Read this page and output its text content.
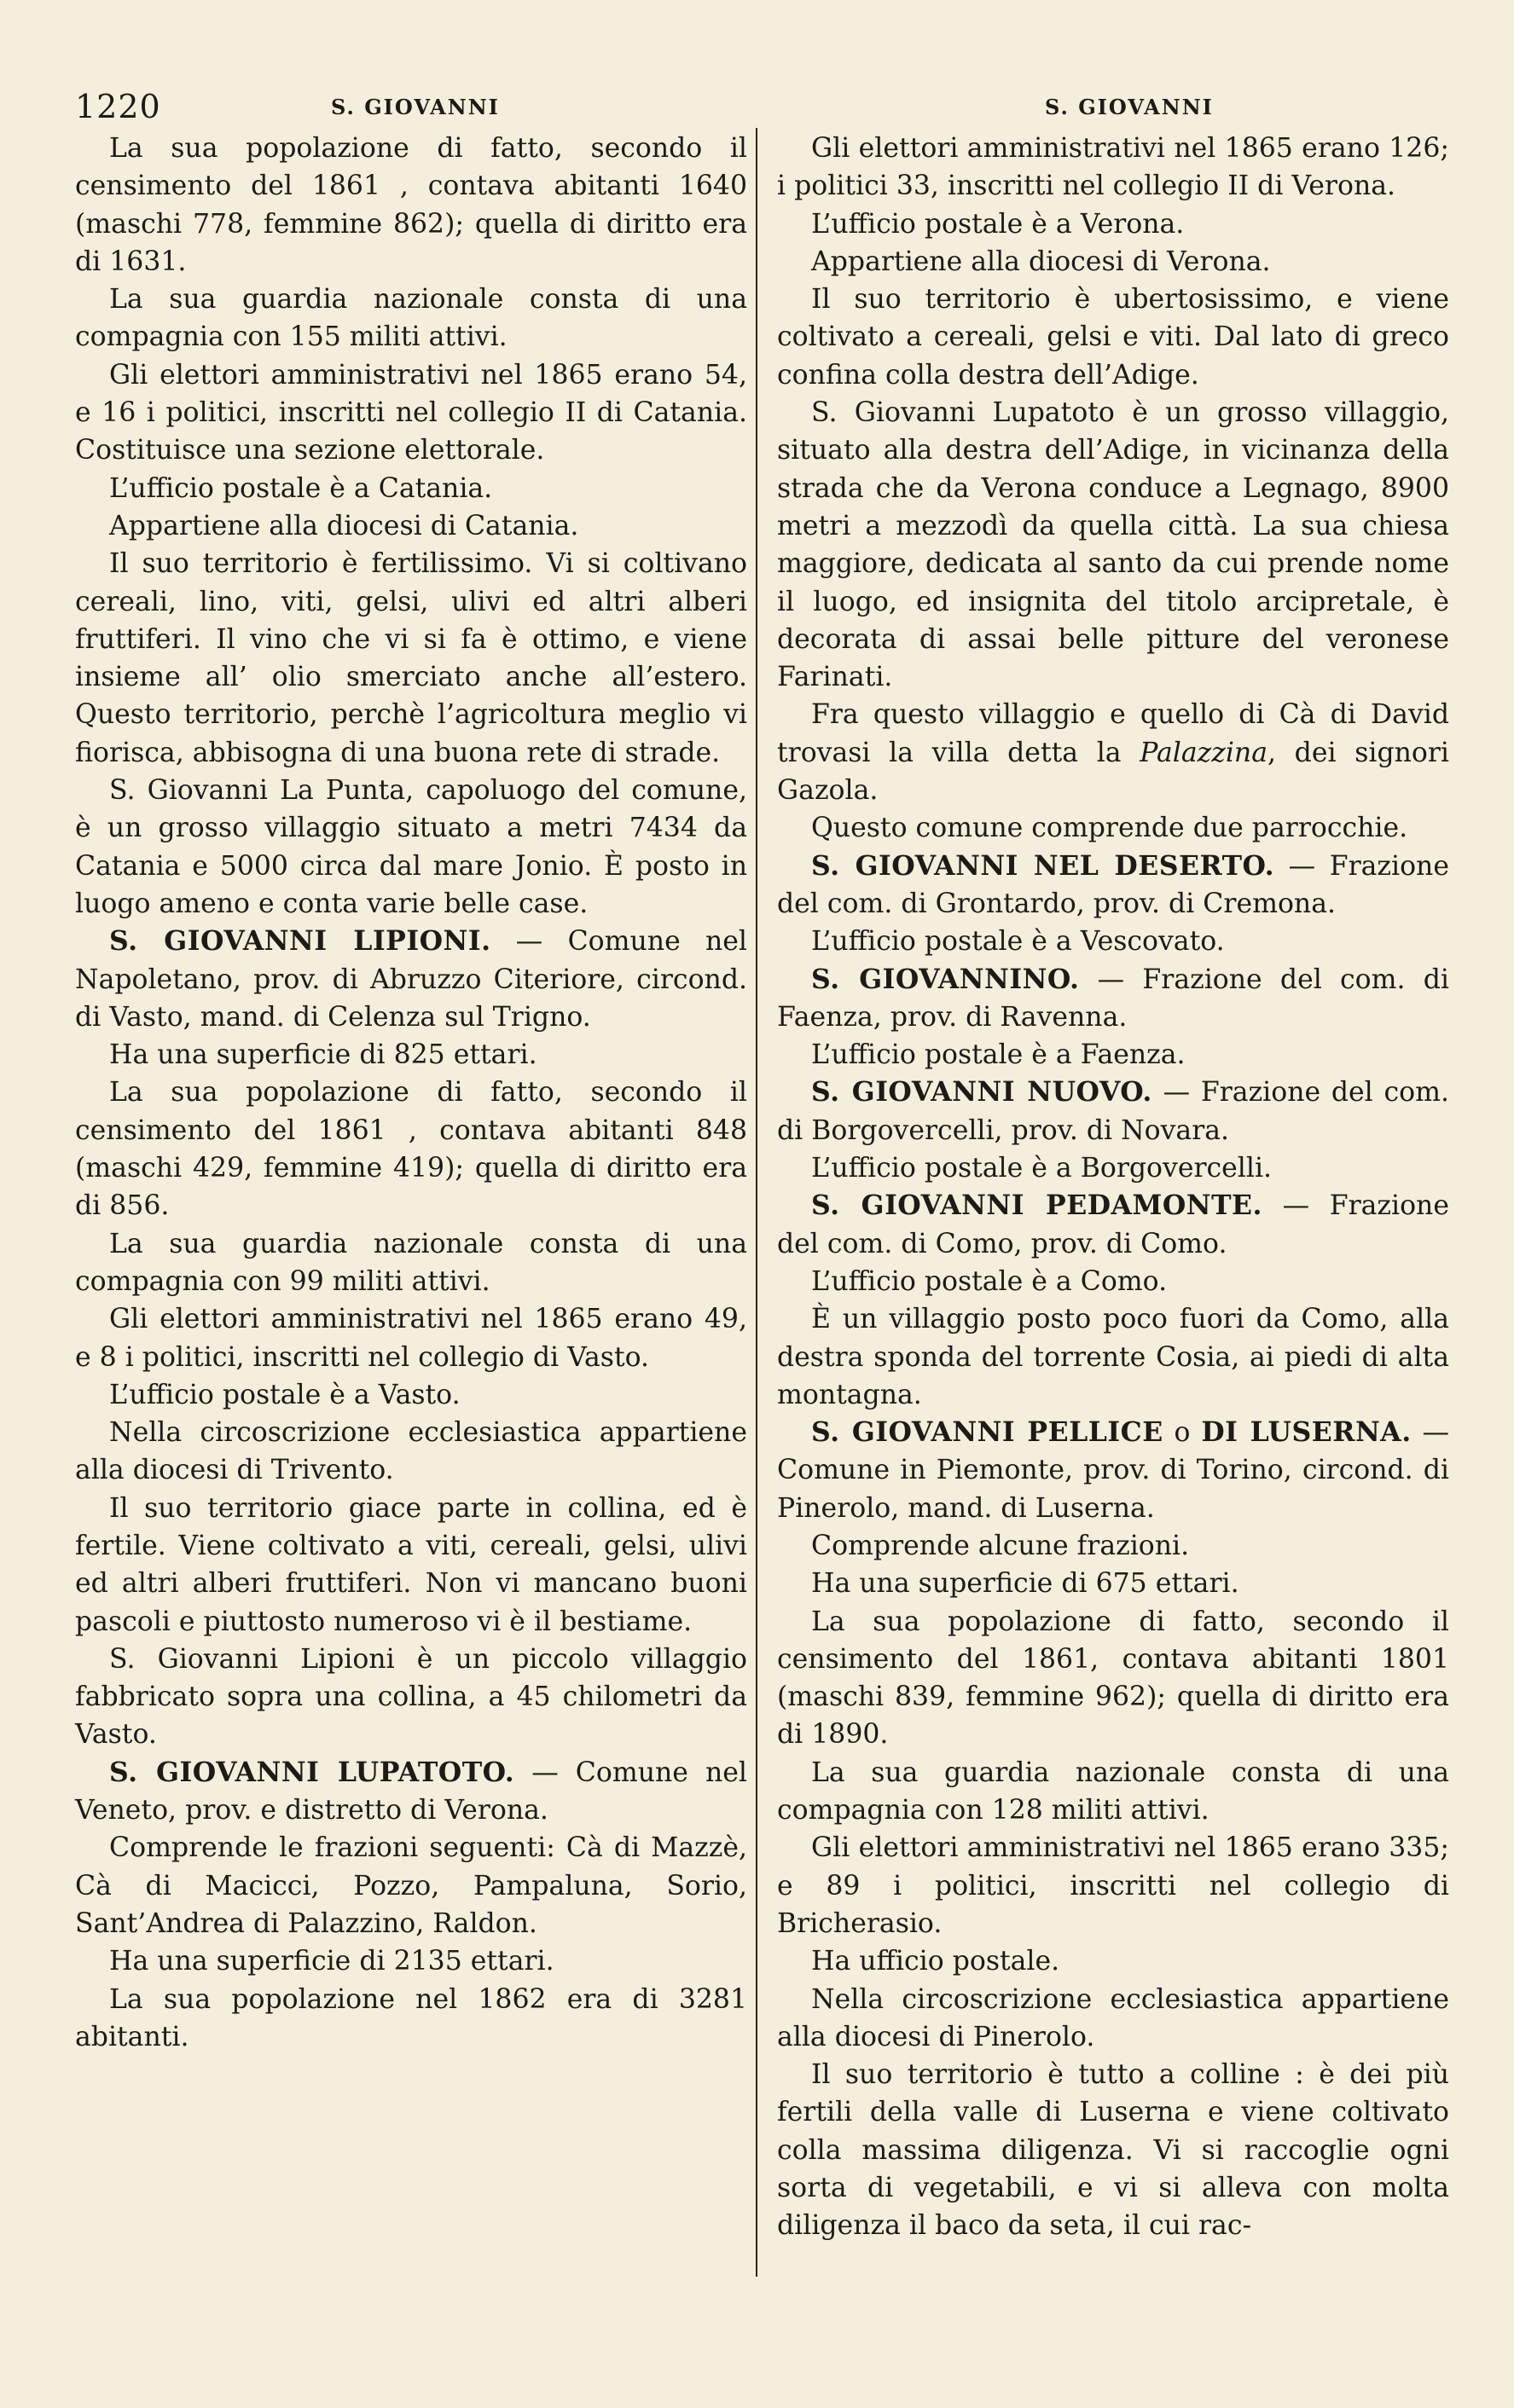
1220	S. GIOVANNI	S. GIOVANNI

La sua popolazione di fatto, secondo il censimento del 1861 , contava abitanti 1640 (maschi 778, femmine 862); quella di diritto era di 1631.

La sua guardia nazionale consta di una compagnia con 155 militi attivi.

Gli elettori amministrativi nel 1865 erano 54, e 16 i politici, inscritti nel collegio II di Catania. Costituisce una sezione elettorale.

L’ufficio postale è a Catania.

Appartiene alla diocesi di Catania.

Il suo territorio è fertilissimo. Vi si coltivano cereali, lino, viti, gelsi, ulivi ed altri alberi fruttiferi. Il vino che vi si fa è ottimo, e viene insieme all’ olio smerciato anche all’estero. Questo territorio, perchè l’agricoltura meglio vi fiorisca, abbisogna di una buona rete di strade.

S. Giovanni La Punta, capoluogo del comune, è un grosso villaggio situato a metri 7434 da Catania e 5000 circa dal mare Jonio. È posto in luogo ameno e conta varie belle case.

S. GIOVANNI LIPIONI. — Comune nel Napoletano, prov. di Abruzzo Citeriore, circond. di Vasto, mand. di Celenza sul Trigno.

Ha una superficie di 825 ettari.

La sua popolazione di fatto, secondo il censimento del 1861 , contava abitanti 848 (maschi 429, femmine 419); quella di diritto era di 856.

La sua guardia nazionale consta di una compagnia con 99 militi attivi.

Gli elettori amministrativi nel 1865 erano 49, e 8 i politici, inscritti nel collegio di Vasto.

L’ufficio postale è a Vasto.

Nella circoscrizione ecclesiastica appartiene alla diocesi di Trivento.

Il suo territorio giace parte in collina, ed è fertile. Viene coltivato a viti, cereali, gelsi, ulivi ed altri alberi fruttiferi. Non vi mancano buoni pascoli e piuttosto numeroso vi è il bestiame.

S. Giovanni Lipioni è un piccolo villaggio fabbricato sopra una collina, a 45 chilometri da Vasto.

S. GIOVANNI LUPATOTO. — Comune nel Veneto, prov. e distretto di Verona.

Comprende le frazioni seguenti: Cà di Mazzè, Cà di Macicci, Pozzo, Pampaluna, Sorio, Sant’Andrea di Palazzino, Raldon.

Ha una superficie di 2135 ettari.

La sua popolazione nel 1862 era di 3281 abitanti.

Gli elettori amministrativi nel 1865 erano 126; i politici 33, inscritti nel collegio II di Verona.

L’ufficio postale è a Verona.

Appartiene alla diocesi di Verona.

Il suo territorio è ubertosissimo, e viene coltivato a cereali, gelsi e viti. Dal lato di greco confina colla destra dell’Adige.

S. Giovanni Lupatoto è un grosso villaggio, situato alla destra dell’Adige, in vicinanza della strada che da Verona conduce a Legnago, 8900 metri a mezzodì da quella città. La sua chiesa maggiore, dedicata al santo da cui prende nome il luogo, ed insignita del titolo arcipretale, è decorata di assai belle pitture del veronese Farinati.

Fra questo villaggio e quello di Cà di David trovasi la villa detta la Palazzina, dei signori Gazola.

Questo comune comprende due parrocchie.

S. GIOVANNI NEL DESERTO. — Frazione del com. di Grontardo, prov. di Cremona.

L’ufficio postale è a Vescovato.

S. GIOVANNINO. — Frazione del com. di Faenza, prov. di Ravenna.

L’ufficio postale è a Faenza.

S. GIOVANNI NUOVO. — Frazione del com. di Borgovercelli, prov. di Novara.

L’ufficio postale è a Borgovercelli.

S. GIOVANNI PEDAMONTE. — Frazione del com. di Como, prov. di Como.

L’ufficio postale è a Como.

È un villaggio posto poco fuori da Como, alla destra sponda del torrente Cosia, ai piedi di alta montagna.

S. GIOVANNI PELLICE o DI LUSERNA. — Comune in Piemonte, prov. di Torino, circond. di Pinerolo, mand. di Luserna.

Comprende alcune frazioni.

Ha una superficie di 675 ettari.

La sua popolazione di fatto, secondo il censimento del 1861, contava abitanti 1801 (maschi 839, femmine 962); quella di diritto era di 1890.

La sua guardia nazionale consta di una compagnia con 128 militi attivi.

Gli elettori amministrativi nel 1865 erano 335; e 89 i politici, inscritti nel collegio di Bricherasio.

Ha ufficio postale.

Nella circoscrizione ecclesiastica appartiene alla diocesi di Pinerolo.

Il suo territorio è tutto a colline : è dei più fertili della valle di Luserna e viene coltivato colla massima diligenza. Vi si raccoglie ogni sorta di vegetabili, e vi si alleva con molta diligenza il baco da seta, il cui rac-
